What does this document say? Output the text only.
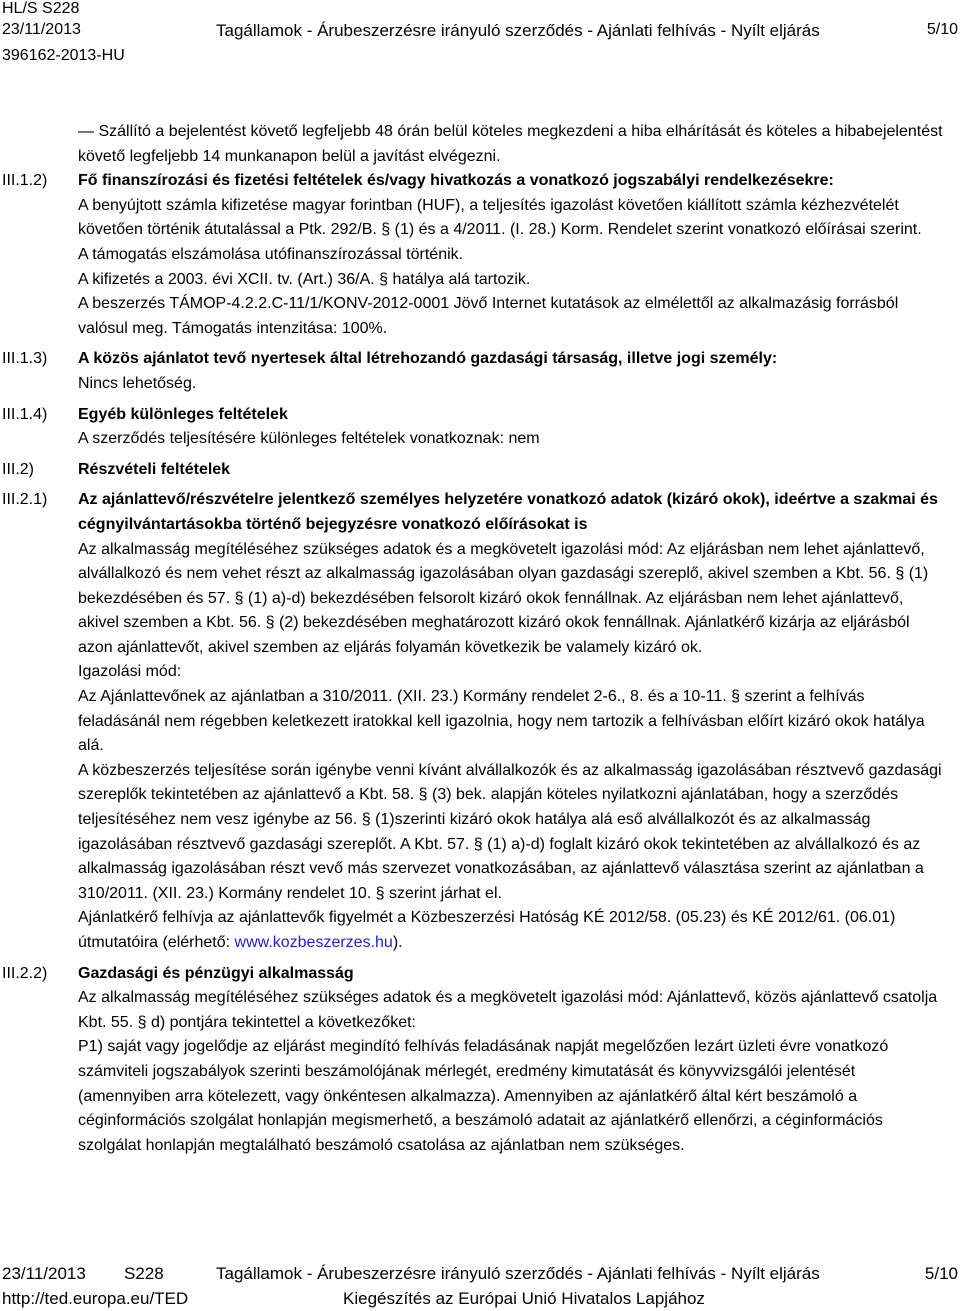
HL/S S228
23/11/2013
396162-2013-HU
Tagállamok - Árubeszerzésre irányuló szerződés - Ajánlati felhívás - Nyílt eljárás	5/10

— Szállító a bejelentést követő legfeljebb 48 órán belül köteles megkezdeni a hiba elhárítását és köteles a hibabejelentést követő legfeljebb 14 munkanapon belül a javítást elvégezni.

III.1.2) Fő finanszírozási és fizetési feltételek és/vagy hivatkozás a vonatkozó jogszabályi rendelkezésekre:

A benyújtott számla kifizetése magyar forintban (HUF), a teljesítés igazolást követően kiállított számla kézhezvételét követően történik átutalással a Ptk. 292/B. § (1) és a 4/2011. (I. 28.) Korm. Rendelet szerint vonatkozó előírásai szerint.

A támogatás elszámolása utófinanszírozással történik.

A kifizetés a 2003. évi XCII. tv. (Art.) 36/A. § hatálya alá tartozik.

A beszerzés TÁMOP-4.2.2.C-11/1/KONV-2012-0001 Jövő Internet kutatások az elmélettől az alkalmazásig forrásból valósul meg. Támogatás intenzitása: 100%.

III.1.3) A közös ajánlatot tevő nyertesek által létrehozandó gazdasági társaság, illetve jogi személy:

Nincs lehetőség.

III.1.4) Egyéb különleges feltételek

A szerződés teljesítésére különleges feltételek vonatkoznak: nem

III.2)	Részvételi feltételek

III.2.1) Az ajánlattevő/részvételre jelentkező személyes helyzetére vonatkozó adatok (kizáró okok), ideértve a szakmai és cégnyilvántartásokba történő bejegyzésre vonatkozó előírásokat is

Az alkalmasság megítéléséhez szükséges adatok és a megkövetelt igazolási mód: Az eljárásban nem lehet ajánlattevő, alvállalkozó és nem vehet részt az alkalmasság igazolásában olyan gazdasági szereplő, akivel szemben a Kbt. 56. § (1) bekezdésében és 57. § (1) a)-d) bekezdésében felsorolt kizáró okok fennállnak. Az eljárásban nem lehet ajánlattevő, akivel szemben a Kbt. 56. § (2) bekezdésében meghatározott kizáró okok fennállnak. Ajánlatkérő kizárja az eljárásból azon ajánlattevőt, akivel szemben az eljárás folyamán következik be valamely kizáró ok.

Igazolási mód:

Az Ajánlattevőnek az ajánlatban a 310/2011. (XII. 23.) Kormány rendelet 2-6., 8. és a 10-11. § szerint a felhívás feladásánál nem régebben keletkezett iratokkal kell igazolnia, hogy nem tartozik a felhívásban előírt kizáró okok hatálya alá.

A közbeszerzés teljesítése során igénybe venni kívánt alvállalkozók és az alkalmasság igazolásában résztvevő gazdasági szereplők tekintetében az ajánlattevő a Kbt. 58. § (3) bek. alapján köteles nyilatkozni ajánlatában, hogy a szerződés teljesítéséhez nem vesz igénybe az 56. § (1)szerinti kizáró okok hatálya alá eső alvállalkozót és az alkalmasság igazolásában résztvevő gazdasági szereplőt. A Kbt. 57. § (1) a)-d) foglalt kizáró okok tekintetében az alvállalkozó és az alkalmasság igazolásában részt vevő más szervezet vonatkozásában, az ajánlattevő választása szerint az ajánlatban a 310/2011. (XII. 23.) Kormány rendelet 10. § szerint járhat el.

Ajánlatkérő felhívja az ajánlattevők figyelmét a Közbeszerzési Hatóság KÉ 2012/58. (05.23) és KÉ 2012/61. (06.01) útmutatóira (elérhető: www.kozbeszerzes.hu).

III.2.2) Gazdasági és pénzügyi alkalmasság

Az alkalmasság megítéléséhez szükséges adatok és a megkövetelt igazolási mód: Ajánlattevő, közös ajánlattevő csatolja Kbt. 55. § d) pontjára tekintettel a következőket:

P1) saját vagy jogelődje az eljárást megindító felhívás feladásának napját megelőzően lezárt üzleti évre vonatkozó számviteli jogszabályok szerinti beszámolójának mérlegét, eredmény kimutatását és könyvvizsgálói jelentését (amennyiben arra kötelezett, vagy önkéntesen alkalmazza). Amennyiben az ajánlatkérő által kért beszámoló a céginformációs szolgálat honlapján megismerhető, a beszámoló adatait az ajánlatkérő ellenőrzi, a céginformációs szolgálat honlapján megtalálható beszámoló csatolása az ajánlatban nem szükséges.

23/11/2013 S228	Tagállamok - Árubeszerzésre irányuló szerződés - Ajánlati felhívás - Nyílt eljárás	5/10
http://ted.europa.eu/TED	Kiegészítés az Európai Unió Hivatalos Lapjához
